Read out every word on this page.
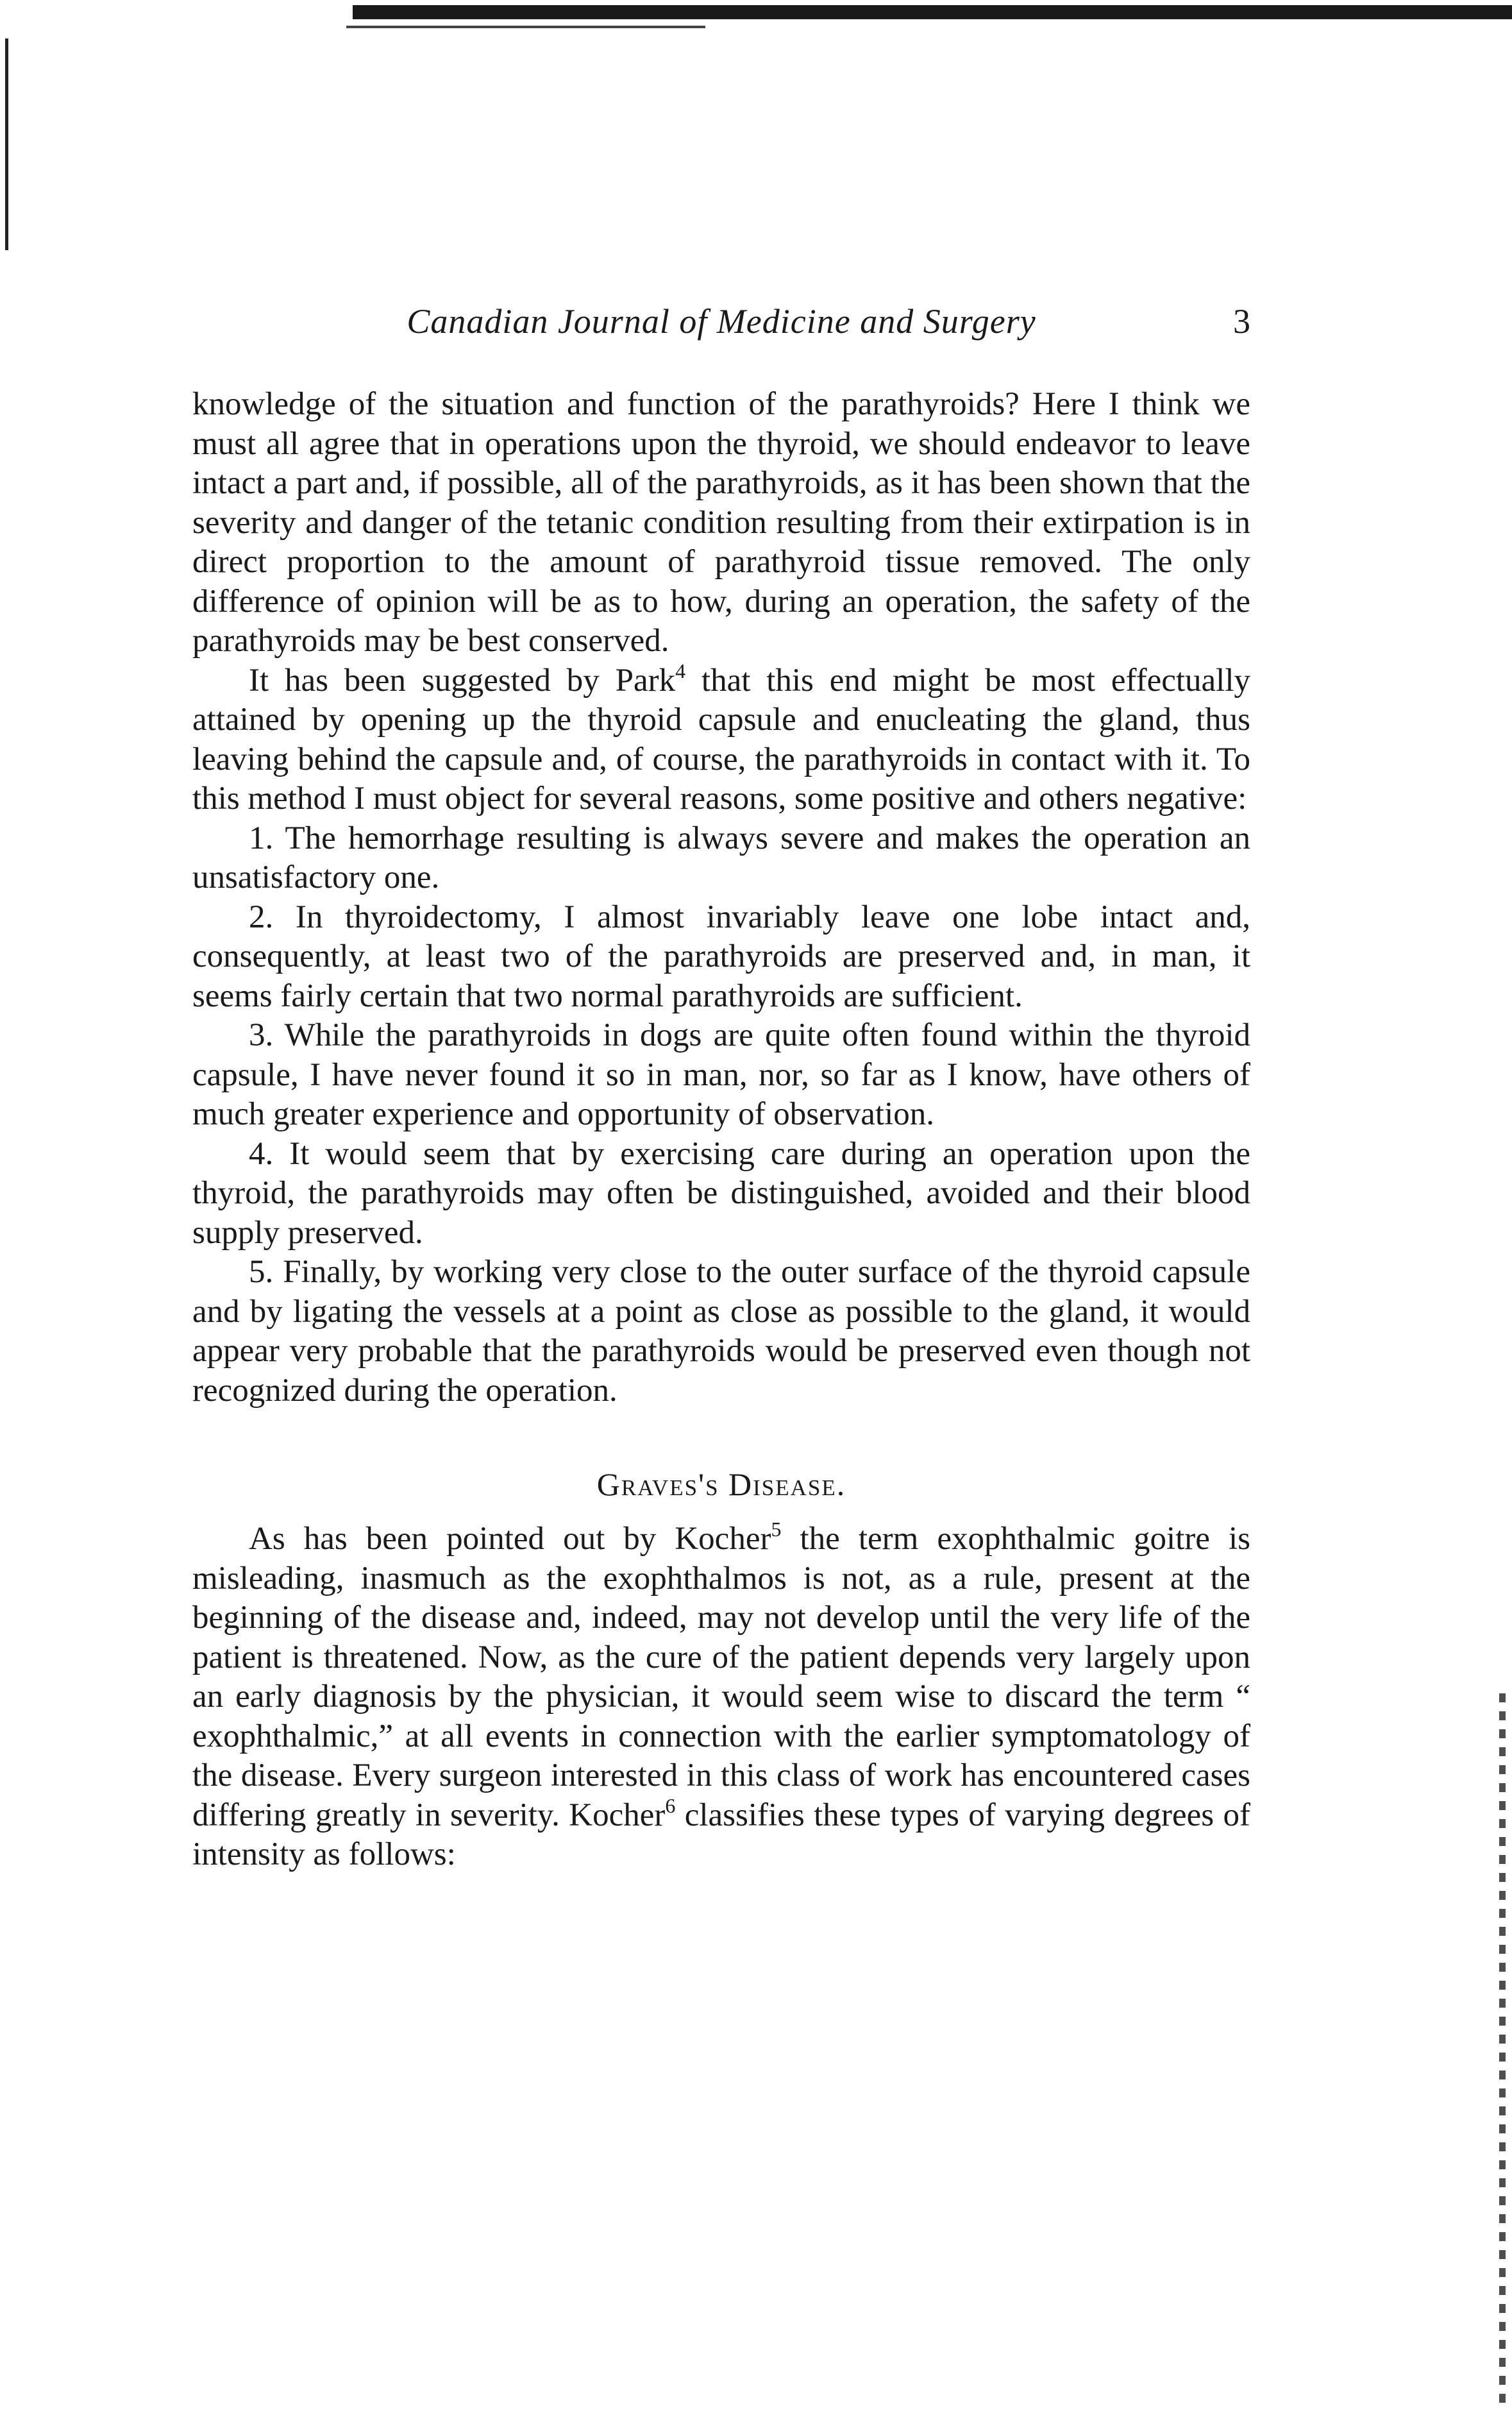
Canadian Journal of Medicine and Surgery	3

knowledge of the situation and function of the parathyroids? Here I think we must all agree that in operations upon the thyroid, we should endeavor to leave intact a part and, if possible, all of the parathyroids, as it has been shown that the severity and danger of the tetanic condition resulting from their extirpation is in direct proportion to the amount of parathyroid tissue removed. The only difference of opinion will be as to how, during an operation, the safety of the parathyroids may be best conserved.

It has been suggested by Park$^4$ that this end might be most effectually attained by opening up the thyroid capsule and enucleating the gland, thus leaving behind the capsule and, of course, the parathyroids in contact with it. To this method I must object for several reasons, some positive and others negative:

1. The hemorrhage resulting is always severe and makes the operation an unsatisfactory one.

2. In thyroidectomy, I almost invariably leave one lobe intact and, consequently, at least two of the parathyroids are preserved and, in man, it seems fairly certain that two normal parathyroids are sufficient.

3. While the parathyroids in dogs are quite often found within the thyroid capsule, I have never found it so in man, nor, so far as I know, have others of much greater experience and opportunity of observation.

4. It would seem that by exercising care during an operation upon the thyroid, the parathyroids may often be distinguished, avoided and their blood supply preserved.

5. Finally, by working very close to the outer surface of the thyroid capsule and by ligating the vessels at a point as close as possible to the gland, it would appear very probable that the parathyroids would be preserved even though not recognized during the operation.

Graves's Disease.

As has been pointed out by Kocher$^5$ the term exophthalmic goitre is misleading, inasmuch as the exophthalmos is not, as a rule, present at the beginning of the disease and, indeed, may not develop until the very life of the patient is threatened. Now, as the cure of the patient depends very largely upon an early diagnosis by the physician, it would seem wise to discard the term “ exophthalmic,” at all events in connection with the earlier symptomatology of the disease. Every surgeon interested in this class of work has encountered cases differing greatly in severity. Kocher$^6$ classifies these types of varying degrees of intensity as follows:
